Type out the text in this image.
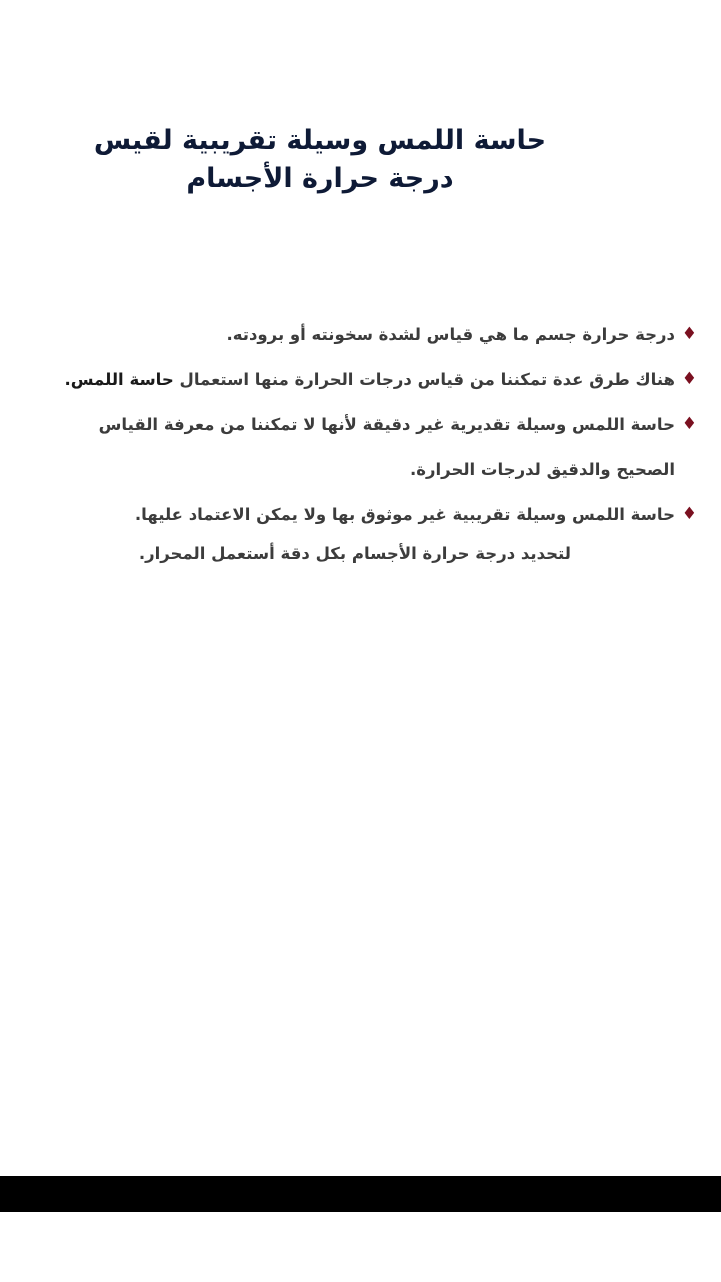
حاسة اللمس وسيلة تقريبية لقيس
درجة حرارة الأجسام
♦
درجة حرارة جسم ما هي قياس لشدة سخونته أو برودته.
♦
هناك طرق عدة تمكننا من قياس درجات الحرارة منها استعمال حاسة اللمس.
♦
حاسة اللمس وسيلة تقديرية غير دقيقة لأنها لا تمكننا من معرفة القياس
الصحيح والدقيق لدرجات الحرارة.
♦
حاسة اللمس وسيلة تقريبية غير موثوق بها ولا يمكن الاعتماد عليها.
لتحديد درجة حرارة الأجسام بكل دقة أستعمل المحرار.
